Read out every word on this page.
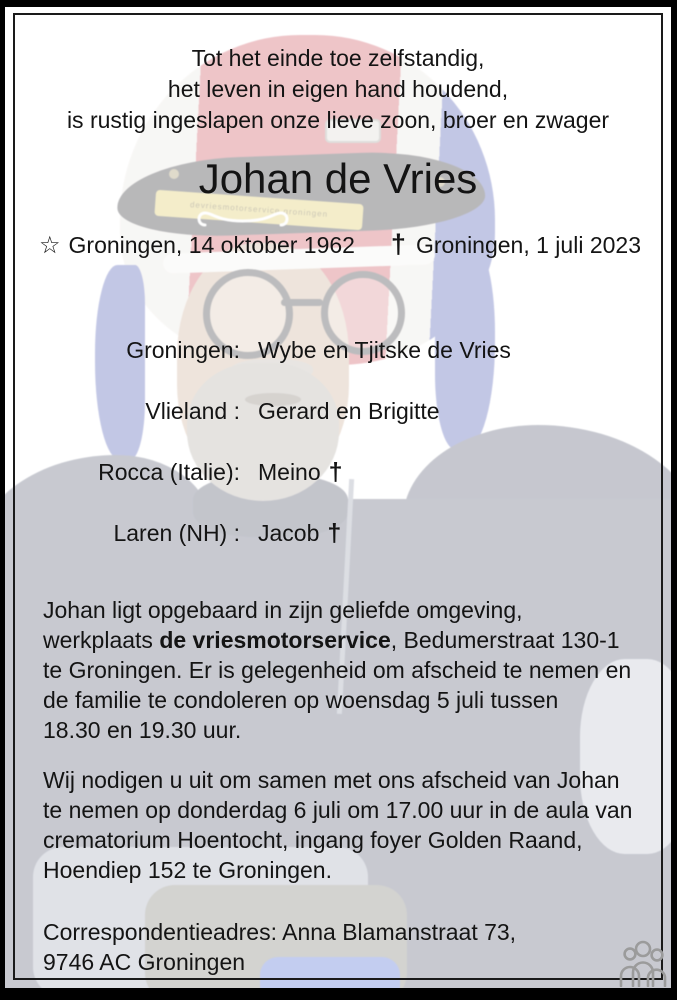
devriesmotorservice groningen
Tot het einde toe zelfstandig,
het leven in eigen hand houdend,
is rustig ingeslapen onze lieve zoon, broer en zwager
Johan de Vries
☆ Groningen, 14 oktober 1962 † Groningen, 1 juli 2023
Groningen: Wybe en Tjitske de Vries
Vlieland : Gerard en Brigitte
Rocca (Italie): Meino †
Laren (NH) : Jacob †
Johan ligt opgebaard in zijn geliefde omgeving,
werkplaats de vriesmotorservice, Bedumerstraat 130-1
te Groningen. Er is gelegenheid om afscheid te nemen en
de familie te condoleren op woensdag 5 juli tussen
18.30 en 19.30 uur.
Wij nodigen u uit om samen met ons afscheid van Johan
te nemen op donderdag 6 juli om 17.00 uur in de aula van
crematorium Hoentocht, ingang foyer Golden Raand,
Hoendiep 152 te Groningen.
Correspondentieadres: Anna Blamanstraat 73,
9746 AC Groningen
